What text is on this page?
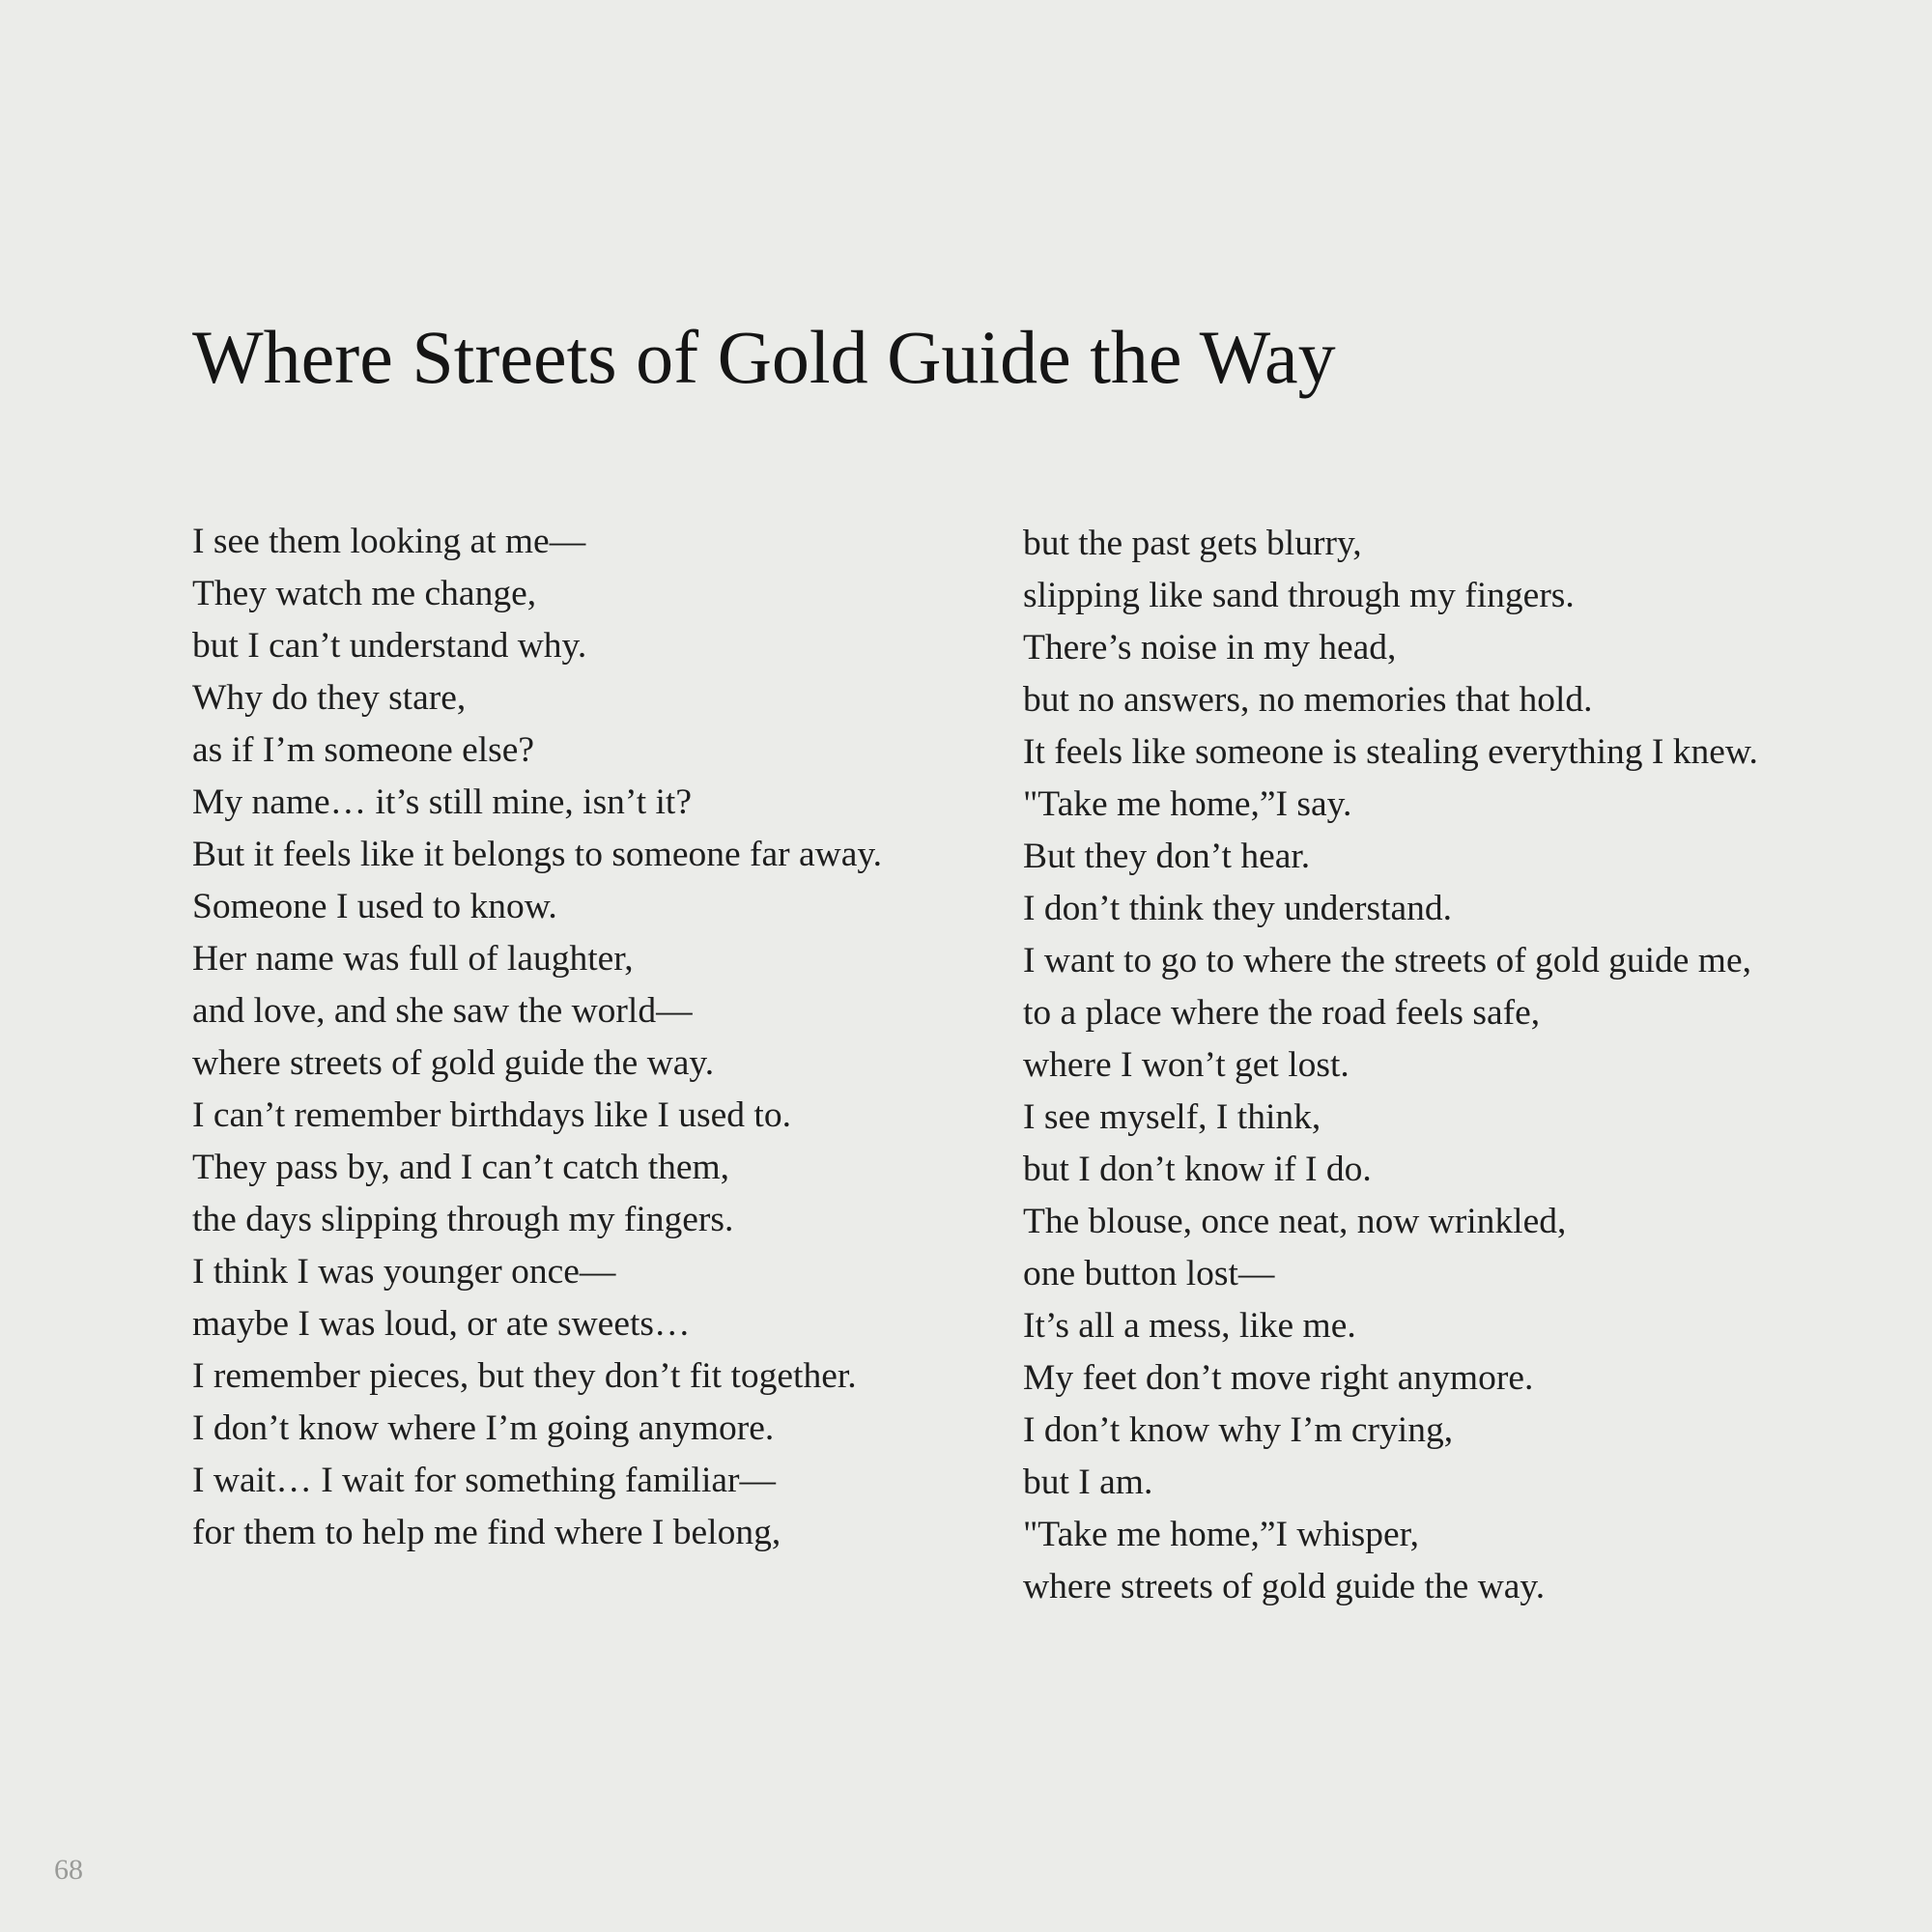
Where Streets of Gold Guide the Way
I see them looking at me—
They watch me change,
but I can’t understand why.
Why do they stare,
as if I’m someone else?
My name… it’s still mine, isn’t it?
But it feels like it belongs to someone far away.
Someone I used to know.
Her name was full of laughter,
and love, and she saw the world—
where streets of gold guide the way.
I can’t remember birthdays like I used to.
They pass by, and I can’t catch them,
the days slipping through my fingers.
I think I was younger once—
maybe I was loud, or ate sweets…
I remember pieces, but they don’t fit together.
I don’t know where I’m going anymore.
I wait… I wait for something familiar—
for them to help me find where I belong,
but the past gets blurry,
slipping like sand through my fingers.
There’s noise in my head,
but no answers, no memories that hold.
It feels like someone is stealing everything I knew.
"Take me home,”I say.
But they don’t hear.
I don’t think they understand.
I want to go to where the streets of gold guide me,
to a place where the road feels safe,
where I won’t get lost.
I see myself, I think,
but I don’t know if I do.
The blouse, once neat, now wrinkled,
one button lost—
It’s all a mess, like me.
My feet don’t move right anymore.
I don’t know why I’m crying,
but I am.
"Take me home,”I whisper,
where streets of gold guide the way.
68
